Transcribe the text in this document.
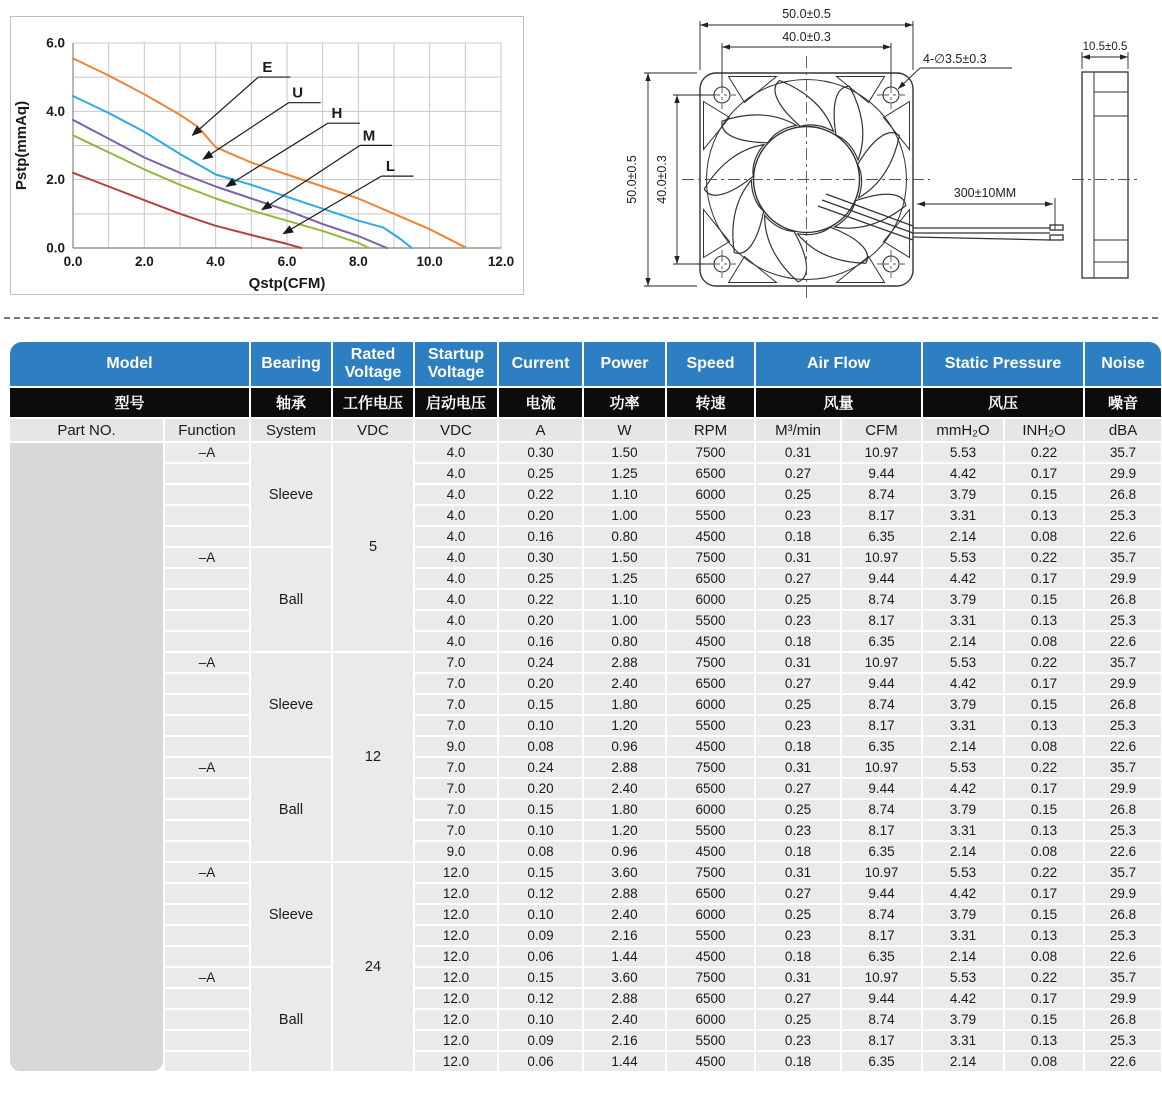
0.0
2.0
4.0
6.0
0.0	2.0	4.0	6.0	8.0	10.0	12.0
Qstp(CFM)
Pstp(mmAq)
E
U
H
M
L
50.0±0.5
40.0±0.3
50.0±0.5 40.0±0.3
4-∅3.5±0.3
300±10MM
10.5±0.5
Model		Bearing	Rated Voltage	Startup Voltage	Current	Power	Speed	Air Flow		Static Pressure		Noise
型号		轴承	工作电压	启动电压	电流	功率	转速	风量		风压		噪音
Part NO.	Function	System	VDC	VDC	A	W	RPM	M³/min	CFM	mmH₂O	INH₂O	dBA
	–A	Sleeve	5	4.0	0.30	1.50	7500	0.31	10.97	5.53	0.22	35.7
				4.0	0.25	1.25	6500	0.27	9.44	4.42	0.17	29.9
				4.0	0.22	1.10	6000	0.25	8.74	3.79	0.15	26.8
				4.0	0.20	1.00	5500	0.23	8.17	3.31	0.13	25.3
				4.0	0.16	0.80	4500	0.18	6.35	2.14	0.08	22.6
	–A	Ball		4.0	0.30	1.50	7500	0.31	10.97	5.53	0.22	35.7
				4.0	0.25	1.25	6500	0.27	9.44	4.42	0.17	29.9
				4.0	0.22	1.10	6000	0.25	8.74	3.79	0.15	26.8
				4.0	0.20	1.00	5500	0.23	8.17	3.31	0.13	25.3
				4.0	0.16	0.80	4500	0.18	6.35	2.14	0.08	22.6
	–A	Sleeve	12	7.0	0.24	2.88	7500	0.31	10.97	5.53	0.22	35.7
				7.0	0.20	2.40	6500	0.27	9.44	4.42	0.17	29.9
				7.0	0.15	1.80	6000	0.25	8.74	3.79	0.15	26.8
				7.0	0.10	1.20	5500	0.23	8.17	3.31	0.13	25.3
				9.0	0.08	0.96	4500	0.18	6.35	2.14	0.08	22.6
	–A	Ball		7.0	0.24	2.88	7500	0.31	10.97	5.53	0.22	35.7
				7.0	0.20	2.40	6500	0.27	9.44	4.42	0.17	29.9
				7.0	0.15	1.80	6000	0.25	8.74	3.79	0.15	26.8
				7.0	0.10	1.20	5500	0.23	8.17	3.31	0.13	25.3
				9.0	0.08	0.96	4500	0.18	6.35	2.14	0.08	22.6
	–A	Sleeve	24	12.0	0.15	3.60	7500	0.31	10.97	5.53	0.22	35.7
				12.0	0.12	2.88	6500	0.27	9.44	4.42	0.17	29.9
				12.0	0.10	2.40	6000	0.25	8.74	3.79	0.15	26.8
				12.0	0.09	2.16	5500	0.23	8.17	3.31	0.13	25.3
				12.0	0.06	1.44	4500	0.18	6.35	2.14	0.08	22.6
	–A	Ball		12.0	0.15	3.60	7500	0.31	10.97	5.53	0.22	35.7
				12.0	0.12	2.88	6500	0.27	9.44	4.42	0.17	29.9
				12.0	0.10	2.40	6000	0.25	8.74	3.79	0.15	26.8
				12.0	0.09	2.16	5500	0.23	8.17	3.31	0.13	25.3
				12.0	0.06	1.44	4500	0.18	6.35	2.14	0.08	22.6
